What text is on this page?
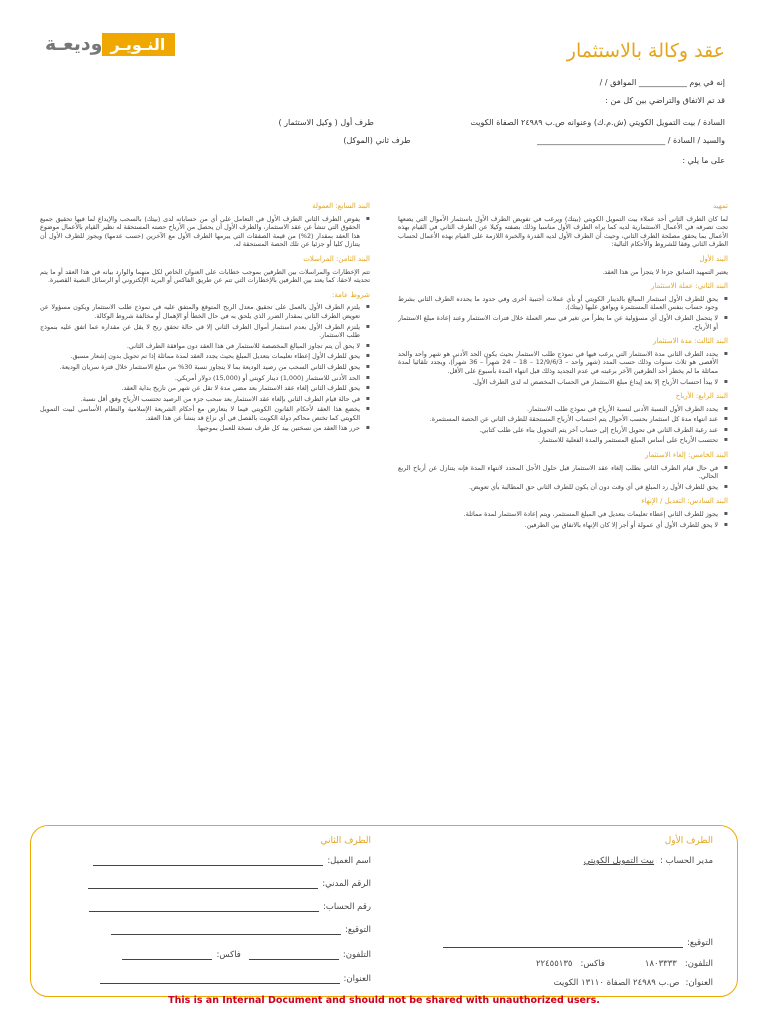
وديعـة النـويـر	عقد وكالة بالاستثمار
إنه في يوم ____________ الموافق / /
قد تم الاتفاق والتراضي بين كل من :
السادة / بيت التمويل الكويتي (ش.م.ك) وعنوانه ص.ب ٢٤٩٨٩ الصفاة الكويت طرف أول ( وكيل الاستثمار )
والسيد / السادة / ________________________________ طرف ثاني (الموكل)
على ما يلي :
تمهيد
لما كان الطرف الثاني أحد عملاء بيت التمويل الكويتي (بيتك) ويرغب في تفويض الطرف الأول باستثمار الأموال التي يضعها تحت تصرفه في الأعمال الاستثمارية لديه كما يراه الطرف الأول مناسبا وذلك بصفته وكيلا عن الطرف الثاني في القيام بهذه الأعمال بما يحقق مصلحة الطرف الثاني، وحيث أن الطرف الأول لديه القدرة والخبرة اللازمة على القيام بهذه الأعمال لحساب الطرف الثاني وفقا للشروط والأحكام التالية:
البند الأول
يعتبر التمهيد السابق جزءا لا يتجزأ من هذا العقد.
البند الثاني: عملة الاستثمار
▪ يحق للطرف الأول استثمار المبالغ بالدينار الكويتي أو بأي عملات أجنبية أخرى وفي حدود ما يحدده الطرف الثاني بشرط وجود حساب بنفس العملة المستثمرة ويوافق عليها (بيتك).
▪ لا يتحمل الطرف الأول أي مسؤولية عن ما يطرأ من تغير في سعر العملة خلال فترات الاستثمار وعند إعادة مبلغ الاستثمار أو الأرباح.
البند الثالث: مدة الاستثمار
▪ يحدد الطرف الثاني مدة الاستثمار التي يرغب فيها في نموذج طلب الاستثمار بحيث يكون الحد الأدنى هو شهر واحد والحد الأقصى هو ثلاث سنوات وذلك حسب المدد (شهر واحد – 12/9/6/3 – 18 – 24 شهراً – 36 شهراً)، ويجدد تلقائيا لمدة مماثلة ما لم يخطر أحد الطرفين الآخر برغبته في عدم التجديد وذلك قبل انتهاء المدة بأسبوع على الأقل.
▪ لا يبدأ احتساب الأرباح إلا بعد إيداع مبلغ الاستثمار في الحساب المخصص له لدى الطرف الأول.
البند الرابع: الأرباح
▪ يحدد الطرف الأول النسبة الأدنى لنسبة الأرباح في نموذج طلب الاستثمار.
▪ عند انتهاء مدة كل استثمار بحسب الأحوال يتم احتساب الأرباح المستحقة للطرف الثاني عن الحصة المستثمرة.
▪ عند رغبة الطرف الثاني في تحويل الأرباح إلى حساب آخر يتم التحويل بناء على طلب كتابي.
▪ تحتسب الأرباح على أساس المبلغ المستثمر والمدة الفعلية للاستثمار.
البند الخامس: إلغاء الاستثمار
▪ في حال قيام الطرف الثاني بطلب إلغاء عقد الاستثمار قبل حلول الأجل المحدد لانتهاء المدة فإنه يتنازل عن أرباح الربع الحالي.
▪ يحق للطرف الأول رد المبلغ في أي وقت دون أن يكون للطرف الثاني حق المطالبة بأي تعويض.
البند السادس: التعديل / الإنهاء
▪ يجوز للطرف الثاني إعطاء تعليمات بتعديل في المبلغ المستثمر، ويتم إعادة الاستثمار لمدة مماثلة.
▪ لا يحق للطرف الأول أي عمولة أو أجر إلا كان الإنهاء بالاتفاق بين الطرفين.
البند السابع: العمولة
▪ يفوض الطرف الثاني الطرف الأول في التعامل على أي من حساباته لدى (بيتك) بالسحب والإيداع لما فيها تحقيق جميع الحقوق التي تنشأ عن عقد الاستثمار، والطرف الأول أن يحصل من الأرباح حصته المستحقة له نظير القيام بالأعمال موضوع هذا العقد بمقدار (2%) من قيمة الصفقات التي يبرمها الطرف الأول مع الآخرين (حسب عدمها) ويجوز للطرف الأول أن يتنازل كليا أو جزئيا عن تلك الحصة المستحقة له.
البند الثامن: المراسلات
تتم الإخطارات والمراسلات بين الطرفين بموجب خطابات على العنوان الخاص لكل منهما والوارد بيانه في هذا العقد أو ما يتم تحديثه لاحقا، كما يعتد بين الطرفين بالإخطارات التي تتم عن طريق الفاكس أو البريد الإلكتروني أو الرسائل النصية القصيرة.
شروط عامة:
▪ يلتزم الطرف الأول بالعمل على تحقيق معدل الربح المتوقع والمتفق عليه في نموذج طلب الاستثمار ويكون مسؤولا عن تعويض الطرف الثاني بمقدار الضرر الذي يلحق به في حال الخطأ أو الإهمال أو مخالفة شروط الوكالة.
▪ يلتزم الطرف الأول بعدم استثمار أموال الطرف الثاني إلا في حالة تحقق ربح لا يقل عن مقداره عما اتفق عليه بنموذج طلب الاستثمار.
▪ لا يحق أن يتم تجاوز المبالغ المخصصة للاستثمار في هذا العقد دون موافقة الطرف الثاني.
▪ يحق للطرف الأول إعطاء تعليمات بتعديل المبلغ بحيث يجدد العقد لمدة مماثلة إذا تم تحويل بدون إشعار مسبق.
▪ يحق للطرف الثاني السحب من رصيد الوديعة بما لا يتجاوز نسبة 30% من مبلغ الاستثمار خلال فترة سريان الوديعة.
▪ الحد الأدنى للاستثمار (1,000) دينار كويتي أو (15,000) دولار أمريكي.
▪ يحق للطرف الثاني إلغاء عقد الاستثمار بعد مضي مدة لا تقل عن شهر من تاريخ بداية العقد.
▪ في حالة قيام الطرف الثاني بإلغاء عقد الاستثمار بعد سحب جزء من الرصيد تحتسب الأرباح وفق أقل نسبة.
▪ يخضع هذا العقد لأحكام القانون الكويتي فيما لا يتعارض مع أحكام الشريعة الإسلامية والنظام الأساسي لبيت التمويل الكويتي كما تختص محاكم دولة الكويت بالفصل في أي نزاع قد ينشأ عن هذا العقد.
▪ حرر هذا العقد من نسختين بيد كل طرف نسخة للعمل بموجبها.
الطرف الأول
مدير الحساب :
بيت التمويل الكويتي
التوقيع:
التلفون:
١٨٠٣٣٣٣
فاكس:
٢٢٤٥٥١٣٥
العنوان:
ص.ب ٢٤٩٨٩ الصفاة ١٣١١٠ الكويت
الطرف الثاني
اسم العميل:
الرقم المدني:
رقم الحساب:
التوقيع:
التلفون:
فاكس:
العنوان:
This is an Internal Document and should not be shared with unauthorized users.
